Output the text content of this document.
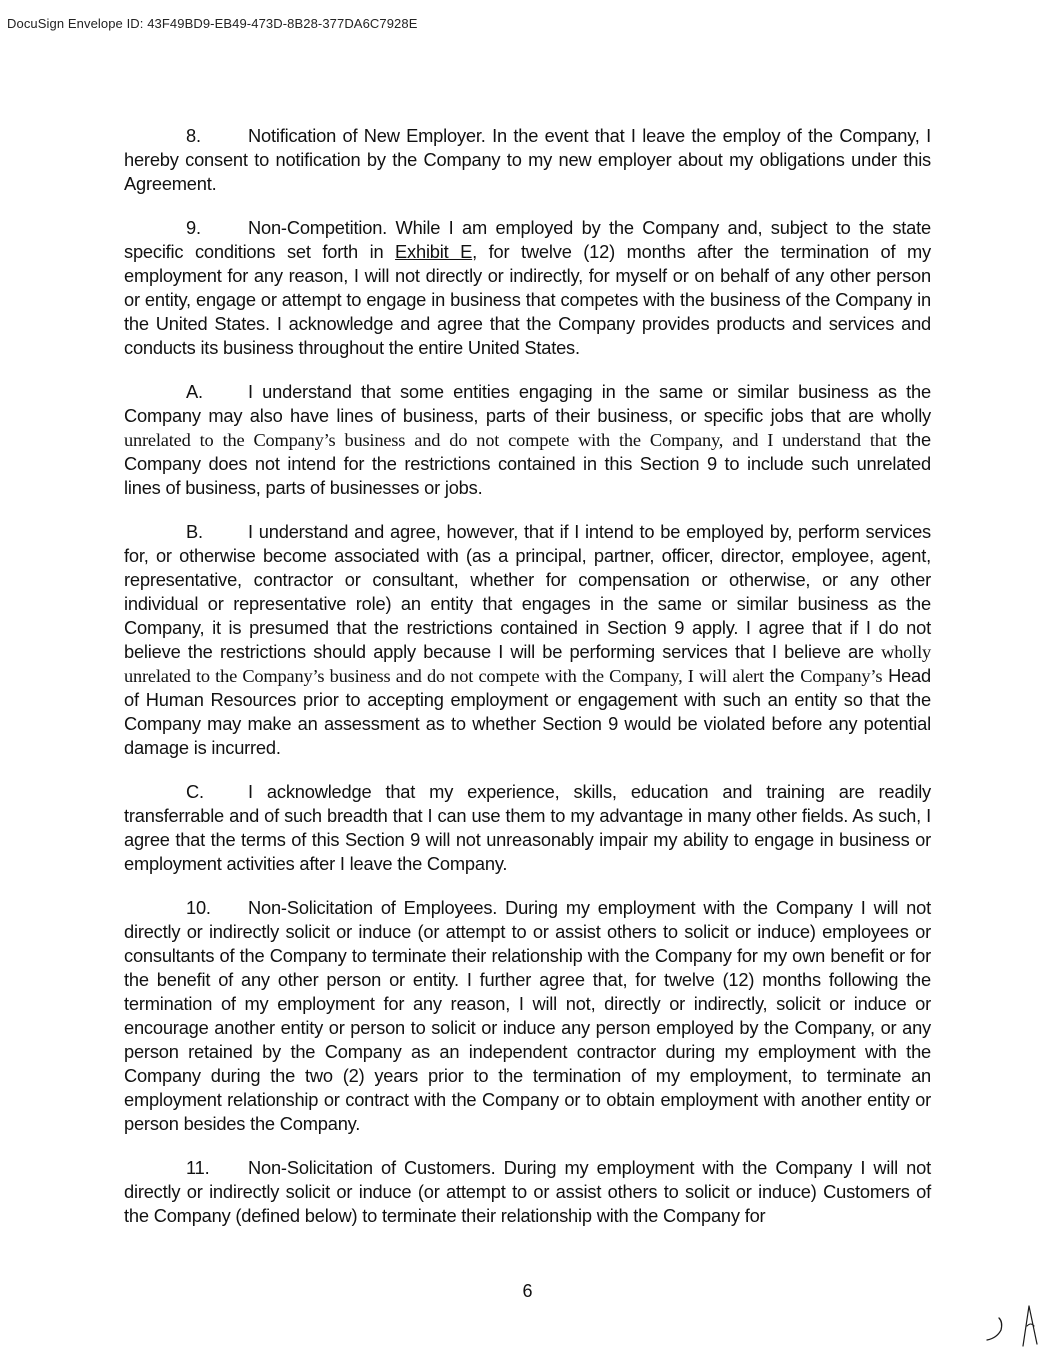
DocuSign Envelope ID: 43F49BD9-EB49-473D-8B28-377DA6C7928E

8.	Notification of New Employer. In the event that I leave the employ of the Company, I hereby consent to notification by the Company to my new employer about my obligations under this Agreement.

9.	Non-Competition. While I am employed by the Company and, subject to the state specific conditions set forth in Exhibit E, for twelve (12) months after the termination of my employment for any reason, I will not directly or indirectly, for myself or on behalf of any other person or entity, engage or attempt to engage in business that competes with the business of the Company in the United States. I acknowledge and agree that the Company provides products and services and conducts its business throughout the entire United States.

A. I understand that some entities engaging in the same or similar business as the Company may also have lines of business, parts of their business, or specific jobs that are wholly unrelated to the Company’s business and do not compete with the Company, and I understand that the Company does not intend for the restrictions contained in this Section 9 to include such unrelated lines of business, parts of businesses or jobs.

B. I understand and agree, however, that if I intend to be employed by, perform services for, or otherwise become associated with (as a principal, partner, officer, director, employee, agent, representative, contractor or consultant, whether for compensation or otherwise, or any other individual or representative role) an entity that engages in the same or similar business as the Company, it is presumed that the restrictions contained in Section 9 apply. I agree that if I do not believe the restrictions should apply because I will be performing services that I believe are wholly unrelated to the Company’s business and do not compete with the Company, I will alert the Company’s Head of Human Resources prior to accepting employment or engagement with such an entity so that the Company may make an assessment as to whether Section 9 would be violated before any potential damage is incurred.

C. I acknowledge that my experience, skills, education and training are readily transferrable and of such breadth that I can use them to my advantage in many other fields. As such, I agree that the terms of this Section 9 will not unreasonably impair my ability to engage in business or employment activities after I leave the Company.

10. Non-Solicitation of Employees. During my employment with the Company I will not directly or indirectly solicit or induce (or attempt to or assist others to solicit or induce) employees or consultants of the Company to terminate their relationship with the Company for my own benefit or for the benefit of any other person or entity. I further agree that, for twelve (12) months following the termination of my employment for any reason, I will not, directly or indirectly, solicit or induce or encourage another entity or person to solicit or induce any person employed by the Company, or any person retained by the Company as an independent contractor during my employment with the Company during the two (2) years prior to the termination of my employment, to terminate an employment relationship or contract with the Company or to obtain employment with another entity or person besides the Company.

11. Non-Solicitation of Customers. During my employment with the Company I will not directly or indirectly solicit or induce (or attempt to or assist others to solicit or induce) Customers of the Company (defined below) to terminate their relationship with the Company for

6
